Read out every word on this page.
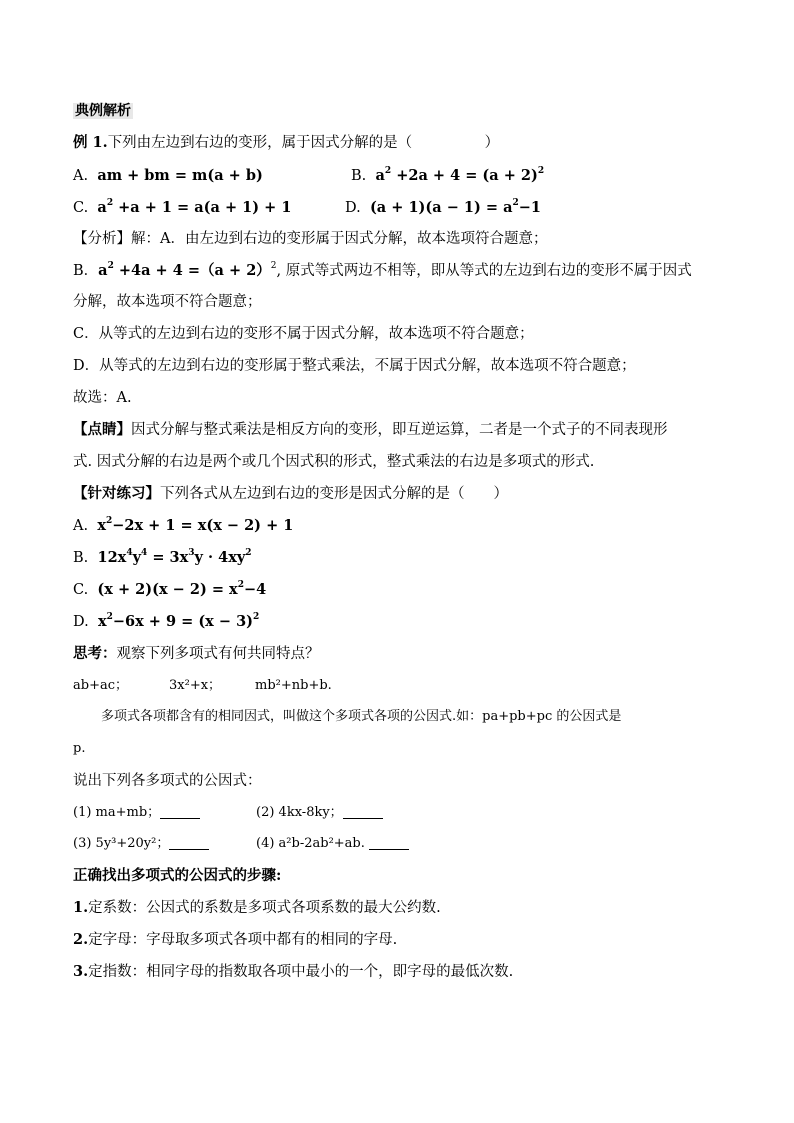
典例解析
例 1.下列由左边到右边的变形，属于因式分解的是（　　　　　）
A. am + bm = m(a + b)	B. $a^2 +2a + 4 = (a + 2)^2$
C. $a^2 +a + 1 = a(a + 1) + 1$	D. $(a + 1)(a - 1) = a^2-1$
【分析】解：A．由左边到右边的变形属于因式分解，故本选项符合题意；
B．$a^2 +4a + 4 =(a + 2)^2$, 原式等式两边不相等，即从等式的左边到右边的变形不属于因式
分解，故本选项不符合题意；
C．从等式的左边到右边的变形不属于因式分解，故本选项不符合题意；
D．从等式的左边到右边的变形属于整式乘法，不属于因式分解，故本选项不符合题意；
故选：A.
【点睛】因式分解与整式乘法是相反方向的变形，即互逆运算，二者是一个式子的不同表现形
式. 因式分解的右边是两个或几个因式积的形式，整式乘法的右边是多项式的形式.
【针对练习】下列各式从左边到右边的变形是因式分解的是（　　）
A. $x^2-2x + 1 = x(x - 2) + 1$
B. $12x^4y^4 = 3x^3y \cdot 4xy^2$
C. $(x + 2)(x - 2) = x^2-4$
D. $x^2-6x + 9 = (x - 3)^2$
思考：观察下列多项式有何共同特点？
ab+ac；	3x²+x；	mb²+nb+b.
多项式各项都含有的相同因式，叫做这个多项式各项的公因式.如：pa+pb+pc 的公因式是
p.
说出下列各多项式的公因式：
(1) ma+mb；	(2) 4kx-8ky；
(3) 5y³+20y²；	(4) a²b-2ab²+ab.
正确找出多项式的公因式的步骤:
1.定系数：公因式的系数是多项式各项系数的最大公约数.
2.定字母：字母取多项式各项中都有的相同的字母.
3.定指数：相同字母的指数取各项中最小的一个，即字母的最低次数.
